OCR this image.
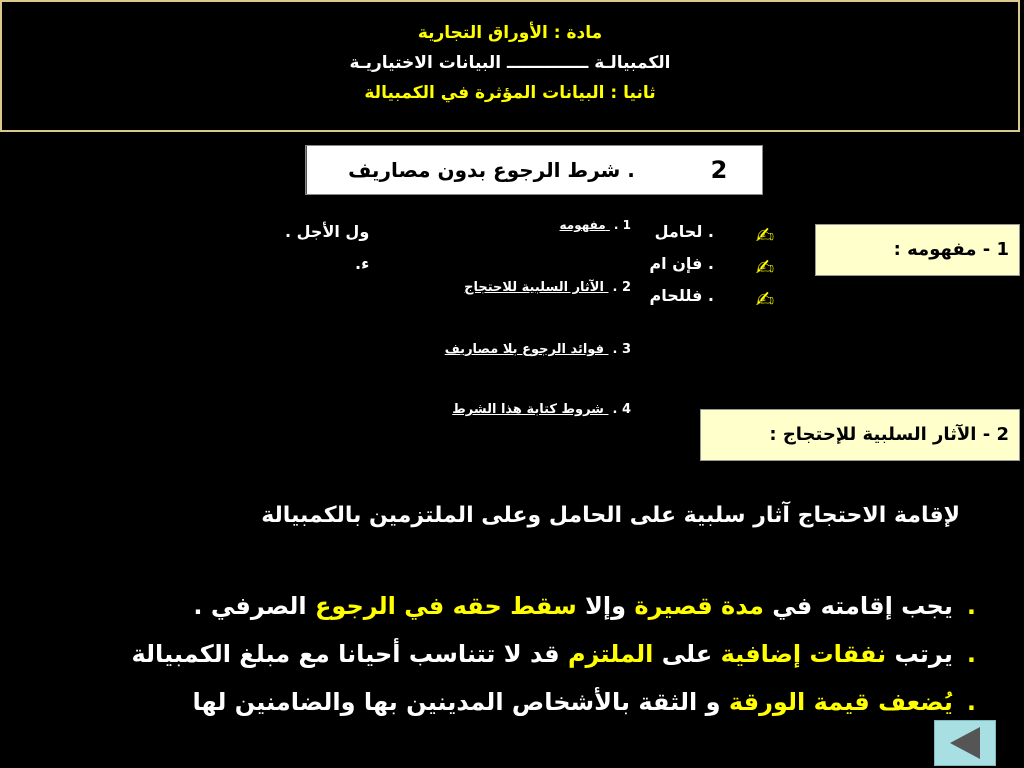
مادة : الأوراق التجارية
الكمبيالـة ــــــــــــــ البيانات الاختياريـة
ثانيا : البيانات المؤثرة في الكمبيالة
. شرط الرجوع بدون مصاريف	2
1 - مفهومه :
✍
✍
✍
. لحامل
ول الأجل .
. فإن ام
ء.
. فللحام
1 . مفهومه
2 . الآثار السلبية للاحتجاج
3 . فوائد الرجوع بلا مصاريف
4 . شروط كتابة هذا الشرط
2 - الآثار السلبية للإحتجاج :
لإقامة الاحتجاج آثار سلبية على الحامل وعلى الملتزمين بالكمبيالة
.يجب إقامته في مدة قصيرة وإلا سقط حقه في الرجوع الصرفي .
.يرتب نفقات إضافية على الملتزم قد لا تتناسب أحيانا مع مبلغ الكمبيالة
.يُضعف قيمة الورقة و الثقة بالأشخاص المدينين بها والضامنين لها
